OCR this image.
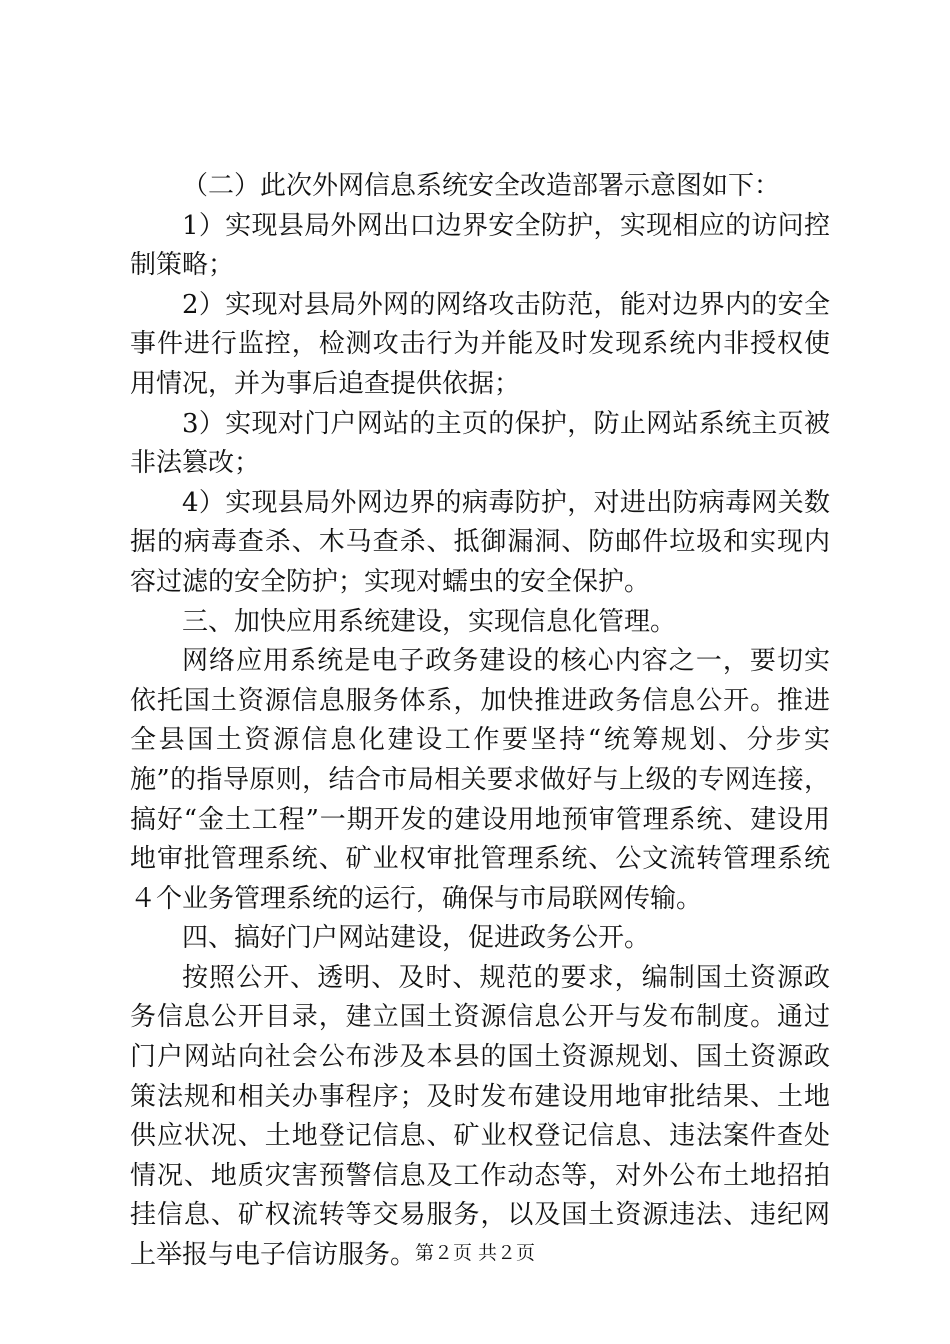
（二）此次外网信息系统安全改造部署示意图如下：

1）实现县局外网出口边界安全防护，实现相应的访问控制策略；

2）实现对县局外网的网络攻击防范，能对边界内的安全事件进行监控，检测攻击行为并能及时发现系统内非授权使用情况，并为事后追查提供依据；

3）实现对门户网站的主页的保护，防止网站系统主页被非法篡改；

4）实现县局外网边界的病毒防护，对进出防病毒网关数据的病毒查杀、木马查杀、抵御漏洞、防邮件垃圾和实现内容过滤的安全防护；实现对蠕虫的安全保护。

三、加快应用系统建设，实现信息化管理。

网络应用系统是电子政务建设的核心内容之一，要切实依托国土资源信息服务体系，加快推进政务信息公开。推进全县国土资源信息化建设工作要坚持“统筹规划、分步实施”的指导原则，结合市局相关要求做好与上级的专网连接，搞好“金土工程”一期开发的建设用地预审管理系统、建设用地审批管理系统、矿业权审批管理系统、公文流转管理系统４个业务管理系统的运行，确保与市局联网传输。

四、搞好门户网站建设，促进政务公开。

按照公开、透明、及时、规范的要求，编制国土资源政务信息公开目录，建立国土资源信息公开与发布制度。通过门户网站向社会公布涉及本县的国土资源规划、国土资源政策法规和相关办事程序；及时发布建设用地审批结果、土地供应状况、土地登记信息、矿业权登记信息、违法案件查处情况、地质灾害预警信息及工作动态等，对外公布土地招拍挂信息、矿权流转等交易服务，以及国土资源违法、违纪网上举报与电子信访服务。

第２页 共２页
